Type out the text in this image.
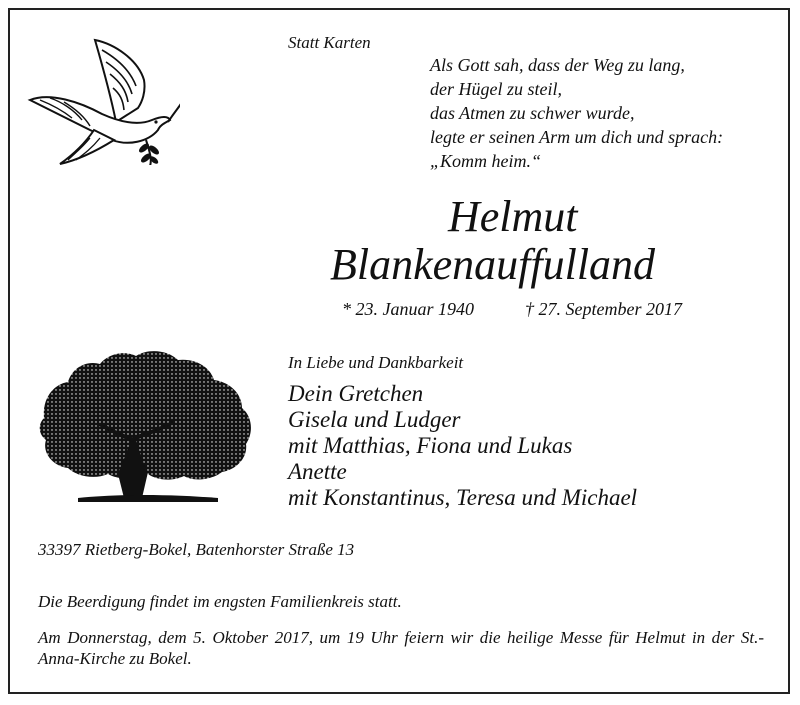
Statt Karten
Als Gott sah, dass der Weg zu lang,
der Hügel zu steil,
das Atmen zu schwer wurde,
legte er seinen Arm um dich und sprach:
„Komm heim.“
Helmut
Blankenauffulland
* 23. Januar 1940	† 27. September 2017
In Liebe und Dankbarkeit
Dein Gretchen
Gisela und Ludger
mit Matthias, Fiona und Lukas
Anette
mit Konstantinus, Teresa und Michael
33397 Rietberg-Bokel, Batenhorster Straße 13
Die Beerdigung findet im engsten Familienkreis statt.
Am Donnerstag, dem 5. Oktober 2017, um 19 Uhr feiern wir die heilige Messe für Helmut in der St.-Anna-Kirche zu Bokel.
